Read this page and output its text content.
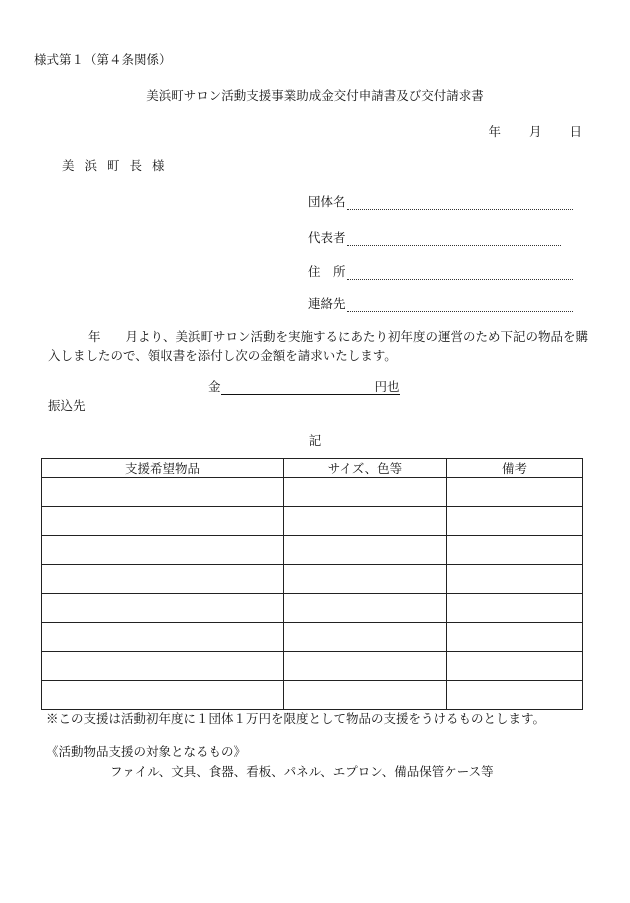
様式第１（第４条関係）
美浜町サロン活動支援事業助成金交付申請書及び交付請求書
年 月 日
美浜町長様
団体名
代表者
住　所
連絡先
年　　月より、美浜町サロン活動を実施するにあたり初年度の運営のため下記の物品を購入しましたので、領収書を添付し次の金額を請求いたします。
金	円也
振込先
記
支援希望物品	サイズ、色等	備考

※この支援は活動初年度に１団体１万円を限度として物品の支援をうけるものとします。
《活動物品支援の対象となるもの》
ファイル、文具、食器、看板、パネル、エプロン、備品保管ケース等
